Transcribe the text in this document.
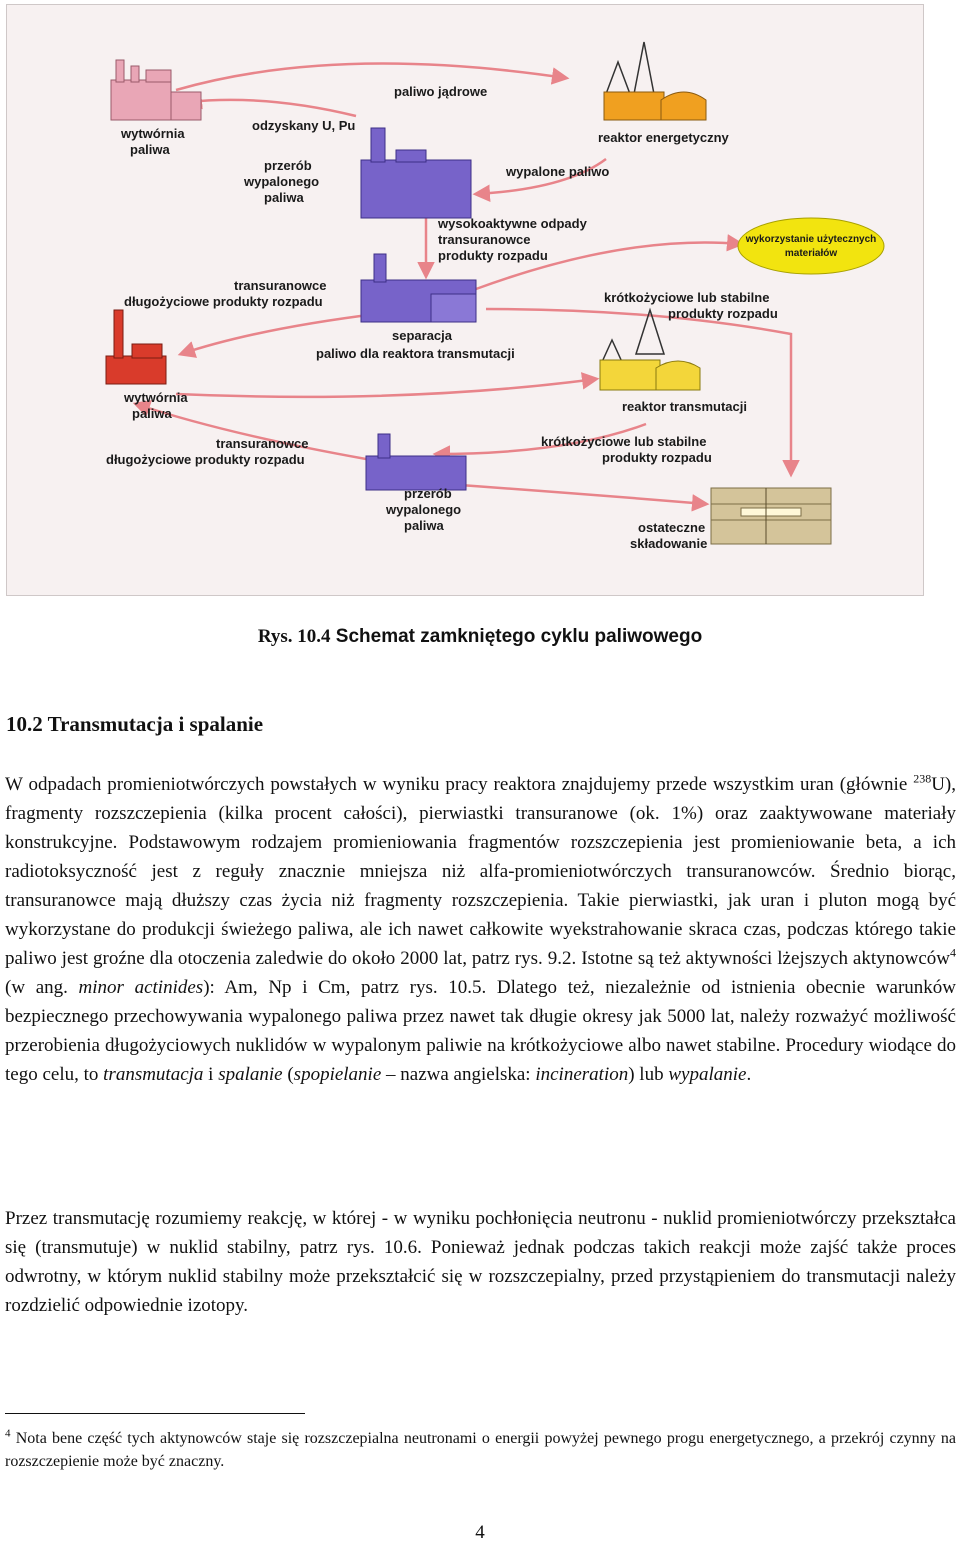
wytwórnia
paliwa
paliwo jądrowe
odzyskany U, Pu
przerób
wypalonego
paliwa
reaktor energetyczny
wypalone paliwo
wysokoaktywne odpady
transuranowce
produkty rozpadu
wykorzystanie użytecznych
materiałów
transuranowce
długożyciowe produkty rozpadu
separacja
paliwo dla reaktora transmutacji
krótkożyciowe lub stabilne
produkty rozpadu
wytwórnia
paliwa	reaktor transmutacji
transuranowce
długożyciowe produkty rozpadu
krótkożyciowe lub stabilne
produkty rozpadu
przerób
wypalonego
paliwa	ostateczne
składowanie
Rys. 10.4 Schemat zamkniętego cyklu paliwowego
10.2 Transmutacja i spalanie

W odpadach promieniotwórczych powstałych w wyniku pracy reaktora znajdujemy przede wszystkim uran (głównie $^{238}$U), fragmenty rozszczepienia (kilka procent całości), pierwiastki transuranowe (ok. 1%) oraz zaaktywowane materiały konstrukcyjne. Podstawowym rodzajem promieniowania fragmentów rozszczepienia jest promieniowanie beta, a ich radiotoksyczność jest z reguły znacznie mniejsza niż alfa-promieniotwórczych transuranowców. Średnio biorąc, transuranowce mają dłuższy czas życia niż fragmenty rozszczepienia. Takie pierwiastki, jak uran i pluton mogą być wykorzystane do produkcji świeżego paliwa, ale ich nawet całkowite wyekstrahowanie skraca czas, podczas którego takie paliwo jest groźne dla otoczenia zaledwie do około 2000 lat, patrz rys. 9.2. Istotne są też aktywności lżejszych aktynowców$^4$ (w ang. minor actinides): Am, Np i Cm, patrz rys. 10.5. Dlatego też, niezależnie od istnienia obecnie warunków bezpiecznego przechowywania wypalonego paliwa przez nawet tak długie okresy jak 5000 lat, należy rozważyć możliwość przerobienia długożyciowych nuklidów w wypalonym paliwie na krótkożyciowe albo nawet stabilne. Procedury wiodące do tego celu, to transmutacja i spalanie (spopielanie – nazwa angielska: incineration) lub wypalanie.

Przez transmutację rozumiemy reakcję, w której - w wyniku pochłonięcia neutronu - nuklid promieniotwórczy przekształca się (transmutuje) w nuklid stabilny, patrz rys. 10.6. Ponieważ jednak podczas takich reakcji może zajść także proces odwrotny, w którym nuklid stabilny może przekształcić się w rozszczepialny, przed przystąpieniem do transmutacji należy rozdzielić odpowiednie izotopy.

$^4$ Nota bene część tych aktynowców staje się rozszczepialna neutronami o energii powyżej pewnego progu energetycznego, a przekrój czynny na rozszczepienie może być znaczny.

4
